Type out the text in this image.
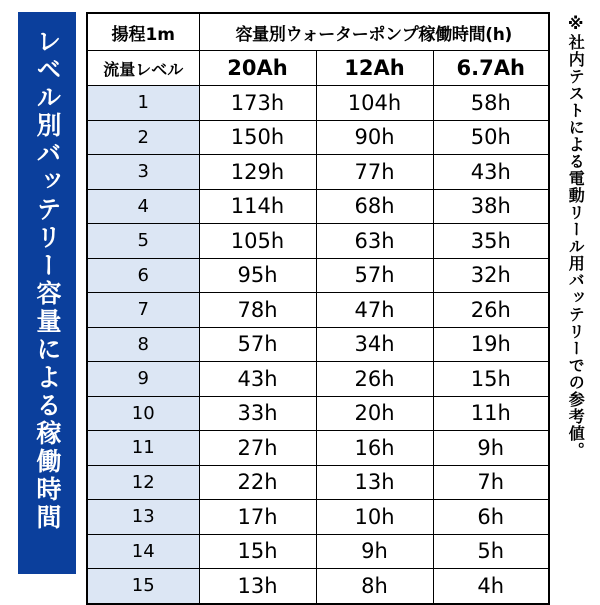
レベル別バッテリー容量による稼働時間	揚程1m	容量別ウォーターポンプ稼働時間(h)		
流量レベル	20Ah	12Ah	6.7Ah
1	173h	104h	58h
2	150h	90h	50h
3	129h	77h	43h
4	114h	68h	38h
5	105h	63h	35h
6	95h	57h	32h
7	78h	47h	26h
8	57h	34h	19h
9	43h	26h	15h
10	33h	20h	11h
11	27h	16h	9h
12	22h	13h	7h
13	17h	10h	6h
14	15h	9h	5h
15	13h	8h	4h
※社内テストによる電動リール用バッテリーでの参考値。
